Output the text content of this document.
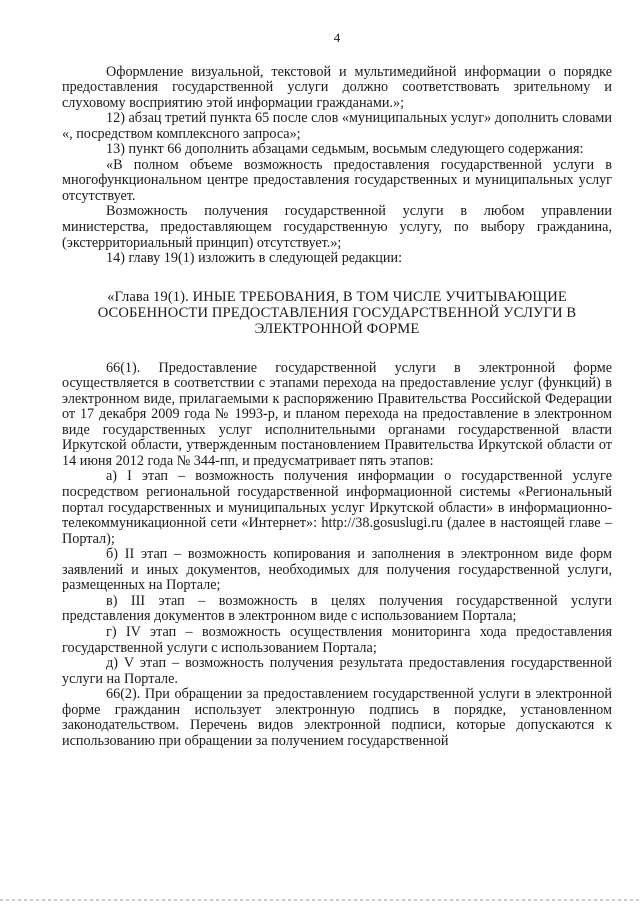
4

Оформление визуальной, текстовой и мультимедийной информации о порядке предоставления государственной услуги должно соответствовать зрительному и слуховому восприятию этой информации гражданами.»;

12) абзац третий пункта 65 после слов «муниципальных услуг» дополнить словами «, посредством комплексного запроса»;

13) пункт 66 дополнить абзацами седьмым, восьмым следующего содержания:

«В полном объеме возможность предоставления государственной услуги в многофункциональном центре предоставления государственных и муниципальных услуг отсутствует.

Возможность получения государственной услуги в любом управлении министерства, предоставляющем государственную услугу, по выбору гражданина, (экстерриториальный принцип) отсутствует.»;

14) главу 19(1) изложить в следующей редакции:

«Глава 19(1). ИНЫЕ ТРЕБОВАНИЯ, В ТОМ ЧИСЛЕ УЧИТЫВАЮЩИЕ
ОСОБЕННОСТИ ПРЕДОСТАВЛЕНИЯ ГОСУДАРСТВЕННОЙ УСЛУГИ В
ЭЛЕКТРОННОЙ ФОРМЕ

66(1). Предоставление государственной услуги в электронной форме осуществляется в соответствии с этапами перехода на предоставление услуг (функций) в электронном виде, прилагаемыми к распоряжению Правительства Российской Федерации от 17 декабря 2009 года № 1993-р, и планом перехода на предоставление в электронном виде государственных услуг исполнительными органами государственной власти Иркутской области, утвержденным постановлением Правительства Иркутской области от 14 июня 2012 года № 344-пп, и предусматривает пять этапов:

а) I этап – возможность получения информации о государственной услуге посредством региональной государственной информационной системы «Региональный портал государственных и муниципальных услуг Иркутской области» в информационно-телекоммуникационной сети «Интернет»: http://38.gosuslugi.ru (далее в настоящей главе – Портал);

б) II этап – возможность копирования и заполнения в электронном виде форм заявлений и иных документов, необходимых для получения государственной услуги, размещенных на Портале;

в) III этап – возможность в целях получения государственной услуги представления документов в электронном виде с использованием Портала;

г) IV этап – возможность осуществления мониторинга хода предоставления государственной услуги с использованием Портала;

д) V этап – возможность получения результата предоставления государственной услуги на Портале.

66(2). При обращении за предоставлением государственной услуги в электронной форме гражданин использует электронную подпись в порядке, установленном законодательством. Перечень видов электронной подписи, которые допускаются к использованию при обращении за получением государственной
